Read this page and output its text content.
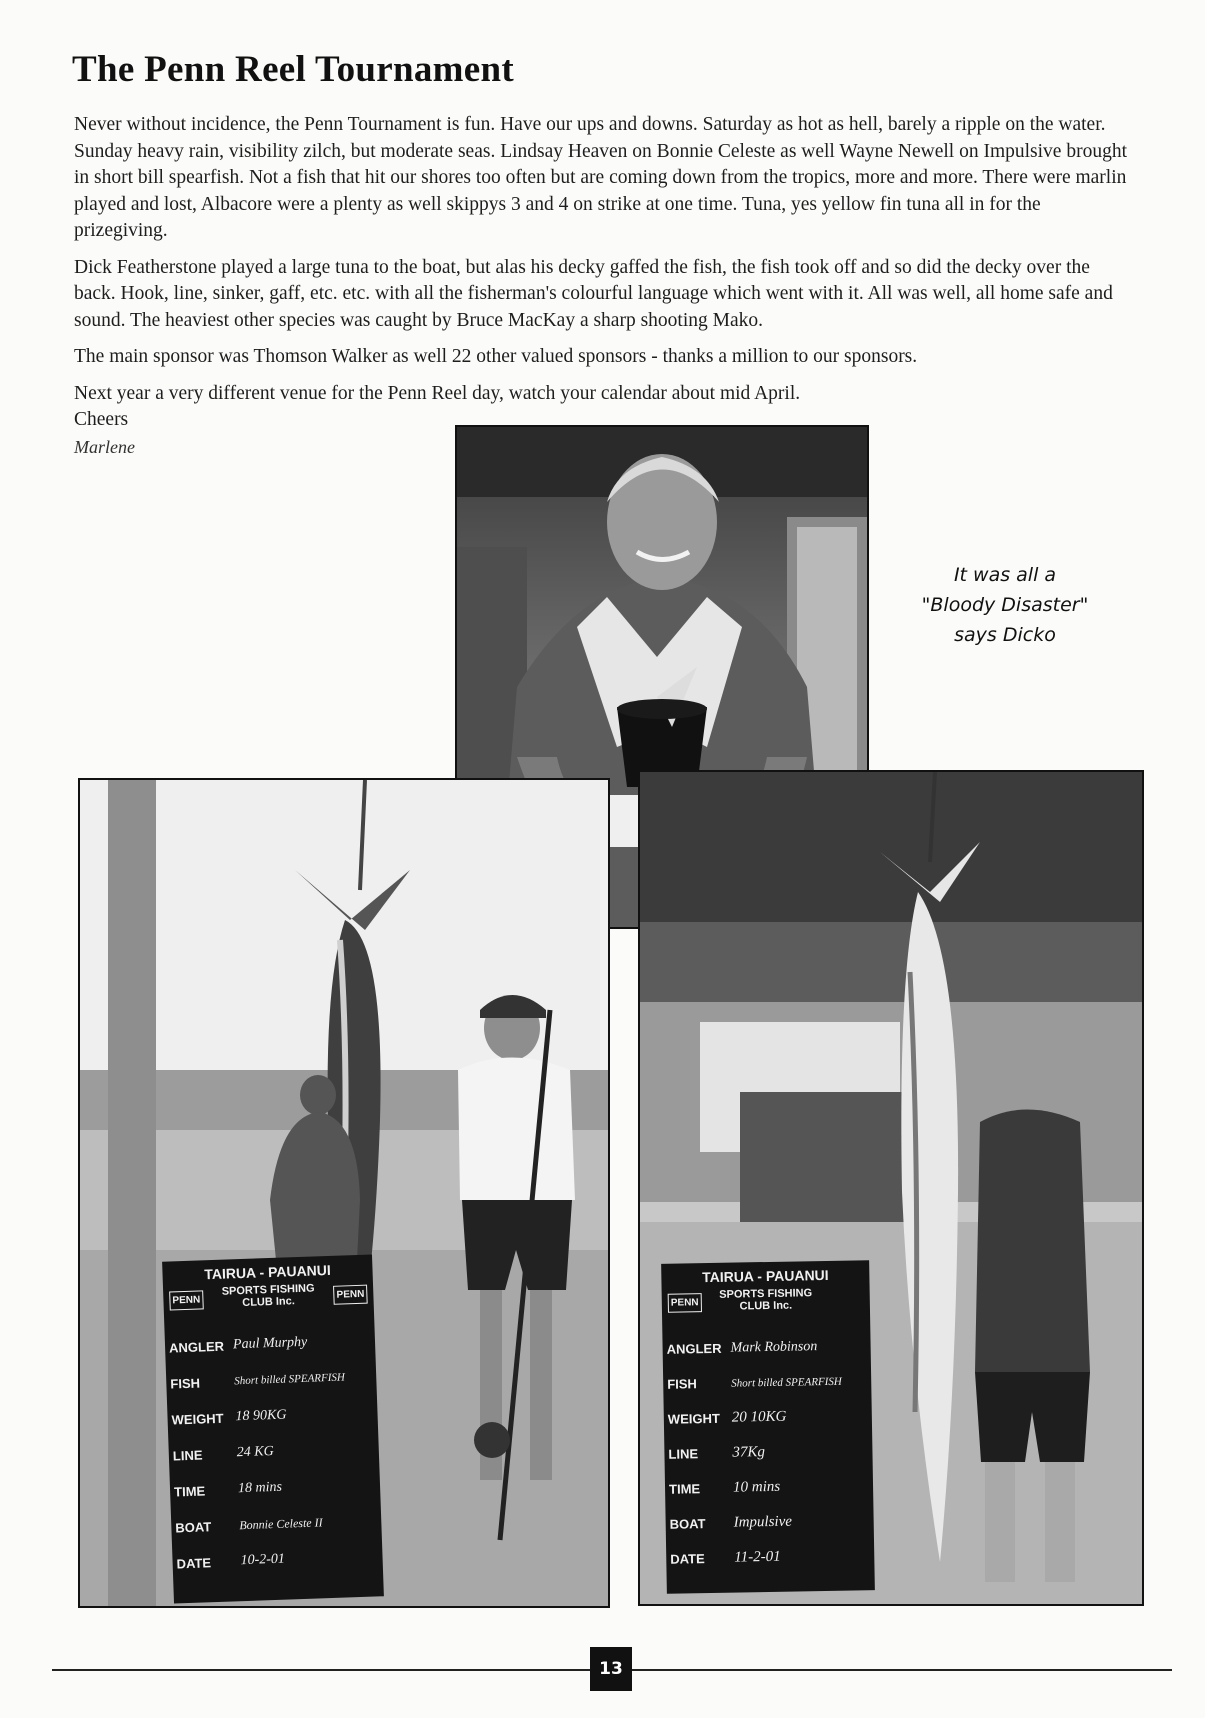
The Penn Reel Tournament

Never without incidence, the Penn Tournament is fun. Have our ups and downs. Saturday as hot as hell, barely a ripple on the water. Sunday heavy rain, visibility zilch, but moderate seas. Lindsay Heaven on Bonnie Celeste as well Wayne Newell on Impulsive brought in short bill spearfish. Not a fish that hit our shores too often but are coming down from the tropics, more and more. There were marlin played and lost, Albacore were a plenty as well skippys 3 and 4 on strike at one time. Tuna, yes yellow fin tuna all in for the prizegiving.

Dick Featherstone played a large tuna to the boat, but alas his decky gaffed the fish, the fish took off and so did the decky over the back. Hook, line, sinker, gaff, etc. etc. with all the fisherman's colourful language which went with it. All was well, all home safe and sound. The heaviest other species was caught by Bruce MacKay a sharp shooting Mako.

The main sponsor was Thomson Walker as well 22 other valued sponsors - thanks a million to our sponsors.

Next year a very different venue for the Penn Reel day, watch your calendar about mid April.

Cheers

Marlene

It was all a
"Bloody Disaster"
says Dicko
TAIRUA - PAUANUI
PENN
SPORTS FISHING
CLUB Inc.
PENN
ANGLER Paul Murphy
FISH	Short billed SPEARFISH
WEIGHT 18 90KG
LINE	24 KG
TIME	18 mins
BOAT	Bonnie Celeste II
DATE	10-2-01
TAIRUA - PAUANUI
PENN
SPORTS FISHING
CLUB Inc.
ANGLER Mark Robinson
FISH	Short billed SPEARFISH
WEIGHT 20 10KG
LINE	37Kg
TIME	10 mins
BOAT	Impulsive
DATE	11-2-01
13
